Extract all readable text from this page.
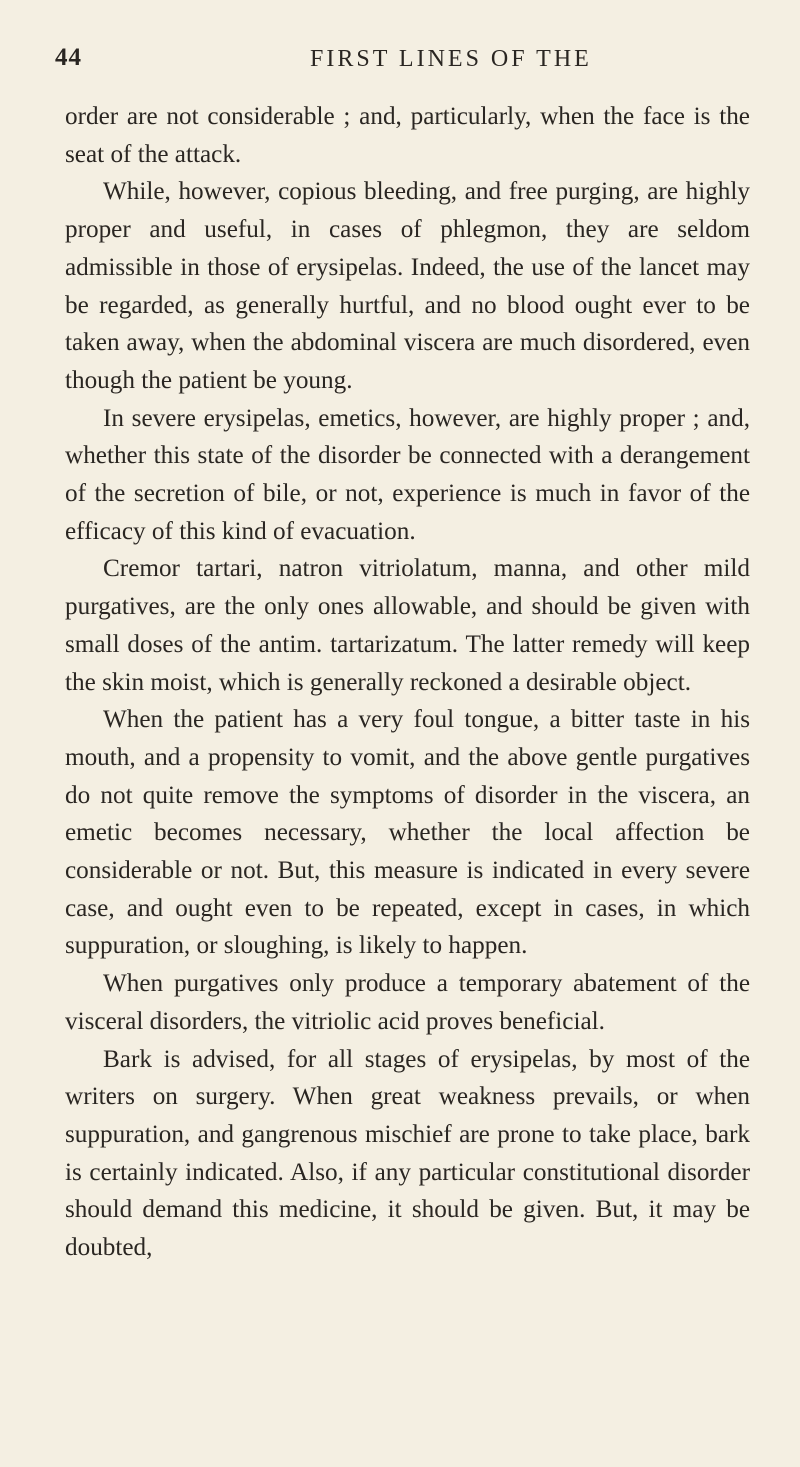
44	FIRST LINES OF THE

order are not considerable ; and, particularly, when the face is the seat of the attack.

While, however, copious bleeding, and free purging, are highly proper and useful, in cases of phlegmon, they are seldom admissible in those of erysipelas. Indeed, the use of the lancet may be regarded, as generally hurtful, and no blood ought ever to be taken away, when the abdominal viscera are much disordered, even though the patient be young.

In severe erysipelas, emetics, however, are highly proper ; and, whether this state of the disorder be connected with a derangement of the secretion of bile, or not, experience is much in favor of the efficacy of this kind of evacuation.

Cremor tartari, natron vitriolatum, manna, and other mild purgatives, are the only ones allowable, and should be given with small doses of the antim. tartarizatum. The latter remedy will keep the skin moist, which is generally reckoned a desirable object.

When the patient has a very foul tongue, a bitter taste in his mouth, and a propensity to vomit, and the above gentle purgatives do not quite remove the symptoms of disorder in the viscera, an emetic becomes necessary, whether the local affection be considerable or not. But, this measure is indicated in every severe case, and ought even to be repeated, except in cases, in which suppuration, or sloughing, is likely to happen.

When purgatives only produce a temporary abatement of the visceral disorders, the vitriolic acid proves beneficial.

Bark is advised, for all stages of erysipelas, by most of the writers on surgery. When great weakness prevails, or when suppuration, and gangrenous mischief are prone to take place, bark is certainly indicated. Also, if any particular constitutional disorder should demand this medicine, it should be given. But, it may be doubted,
